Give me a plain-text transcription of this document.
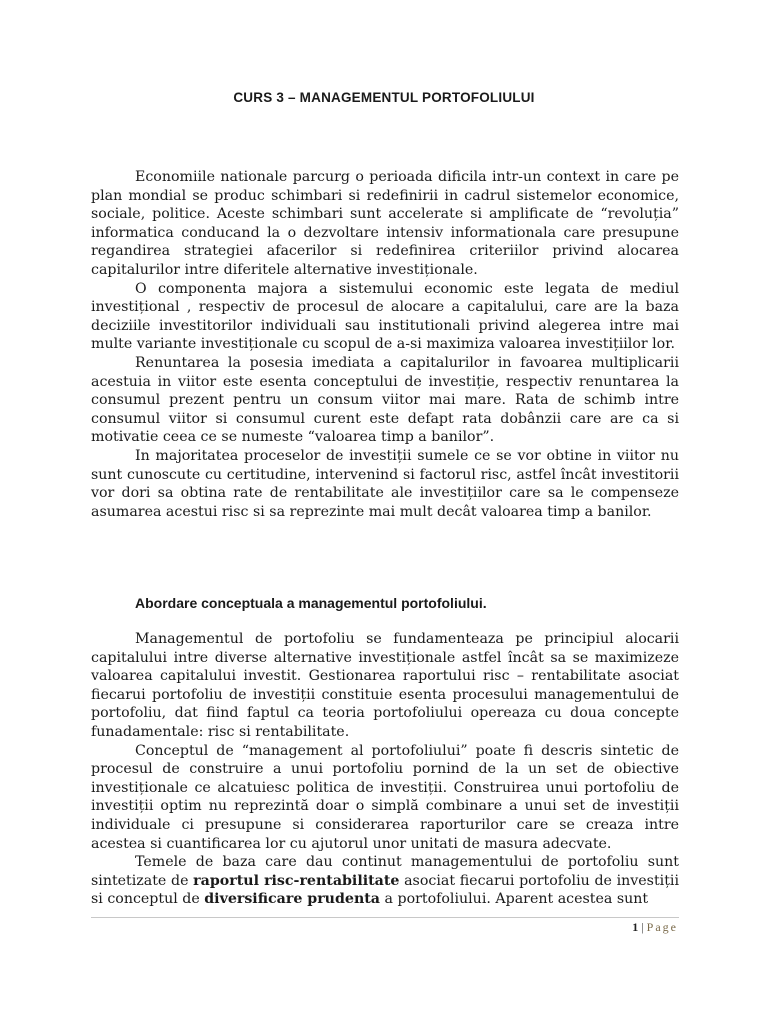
CURS 3 – MANAGEMENTUL PORTOFOLIULUI

Economiile nationale parcurg o perioada dificila intr-un context in care pe plan mondial se produc schimbari si redefinirii in cadrul sistemelor economice, sociale, politice. Aceste schimbari sunt accelerate si amplificate de “revoluția” informatica conducand la o dezvoltare intensiv informationala care presupune regandirea strategiei afacerilor si redefinirea criteriilor privind alocarea capitalurilor intre diferitele alternative investiționale.

O componenta majora a sistemului economic este legata de mediul investițional , respectiv de procesul de alocare a capitalului, care are la baza deciziile investitorilor individuali sau institutionali privind alegerea intre mai multe variante investiționale cu scopul de a-si maximiza valoarea investițiilor lor.

Renuntarea la posesia imediata a capitalurilor in favoarea multiplicarii acestuia in viitor este esenta conceptului de investiție, respectiv renuntarea la consumul prezent pentru un consum viitor mai mare. Rata de schimb intre consumul viitor si consumul curent este defapt rata dobânzii care are ca si motivatie ceea ce se numeste “valoarea timp a banilor”.

In majoritatea proceselor de investiții sumele ce se vor obtine in viitor nu sunt cunoscute cu certitudine, intervenind si factorul risc, astfel încât investitorii vor dori sa obtina rate de rentabilitate ale investițiilor care sa le compenseze asumarea acestui risc si sa reprezinte mai mult decât valoarea timp a banilor.

Abordare conceptuala a managementul portofoliului.

Managementul de portofoliu se fundamenteaza pe principiul alocarii capitalului intre diverse alternative investiționale astfel încât sa se maximizeze valoarea capitalului investit. Gestionarea raportului risc – rentabilitate asociat fiecarui portofoliu de investiții constituie esenta procesului managementului de portofoliu, dat fiind faptul ca teoria portofoliului opereaza cu doua concepte funadamentale: risc si rentabilitate.

Conceptul de “management al portofoliului” poate fi descris sintetic de procesul de construire a unui portofoliu pornind de la un set de obiective investiționale ce alcatuiesc politica de investiții. Construirea unui portofoliu de investiții optim nu reprezintă doar o simplă combinare a unui set de investiții individuale ci presupune si considerarea raporturilor care se creaza intre acestea si cuantificarea lor cu ajutorul unor unitati de masura adecvate.

Temele de baza care dau continut managementului de portofoliu sunt sintetizate de raportul risc-rentabilitate asociat fiecarui portofoliu de investiții si conceptul de diversificare prudenta a portofoliului. Aparent acestea sunt

1 | Page
